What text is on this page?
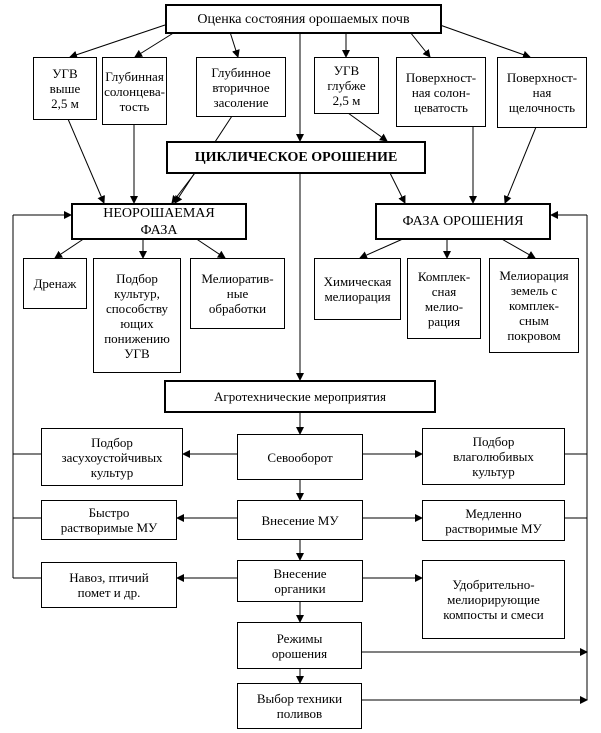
Оценка состояния орошаемых почв
УГВ
выше
2,5 м
Глубинная
солонцева-
тость
Глубинное
вторичное
засоление
УГВ
глубже
2,5 м
Поверхност-
ная солон-
цеватость
Поверхност-
ная
щелочность
ЦИКЛИЧЕСКОЕ ОРОШЕНИЕ
НЕОРОШАЕМАЯ
ФАЗА
ФАЗА ОРОШЕНИЯ
Дренаж	Подбор
культур,
способству
ющих
понижению
УГВ
Мелиоратив-
ные
обработки
Химическая
мелиорация
Комплек-
сная
мелио-
рация
Мелиорация
земель с
комплек-
сным
покровом
Агротехнические мероприятия
Севооборот
Внесение МУ
Внесение
органики
Режимы
орошения
Выбор техники
поливов
Подбор
засухоустойчивых
культур
Быстро
растворимые МУ
Навоз, птичий
помет и др.
Подбор
влаголюбивых
культур
Медленно
растворимые МУ
Удобрительно-
мелиорирующие
компосты и смеси
